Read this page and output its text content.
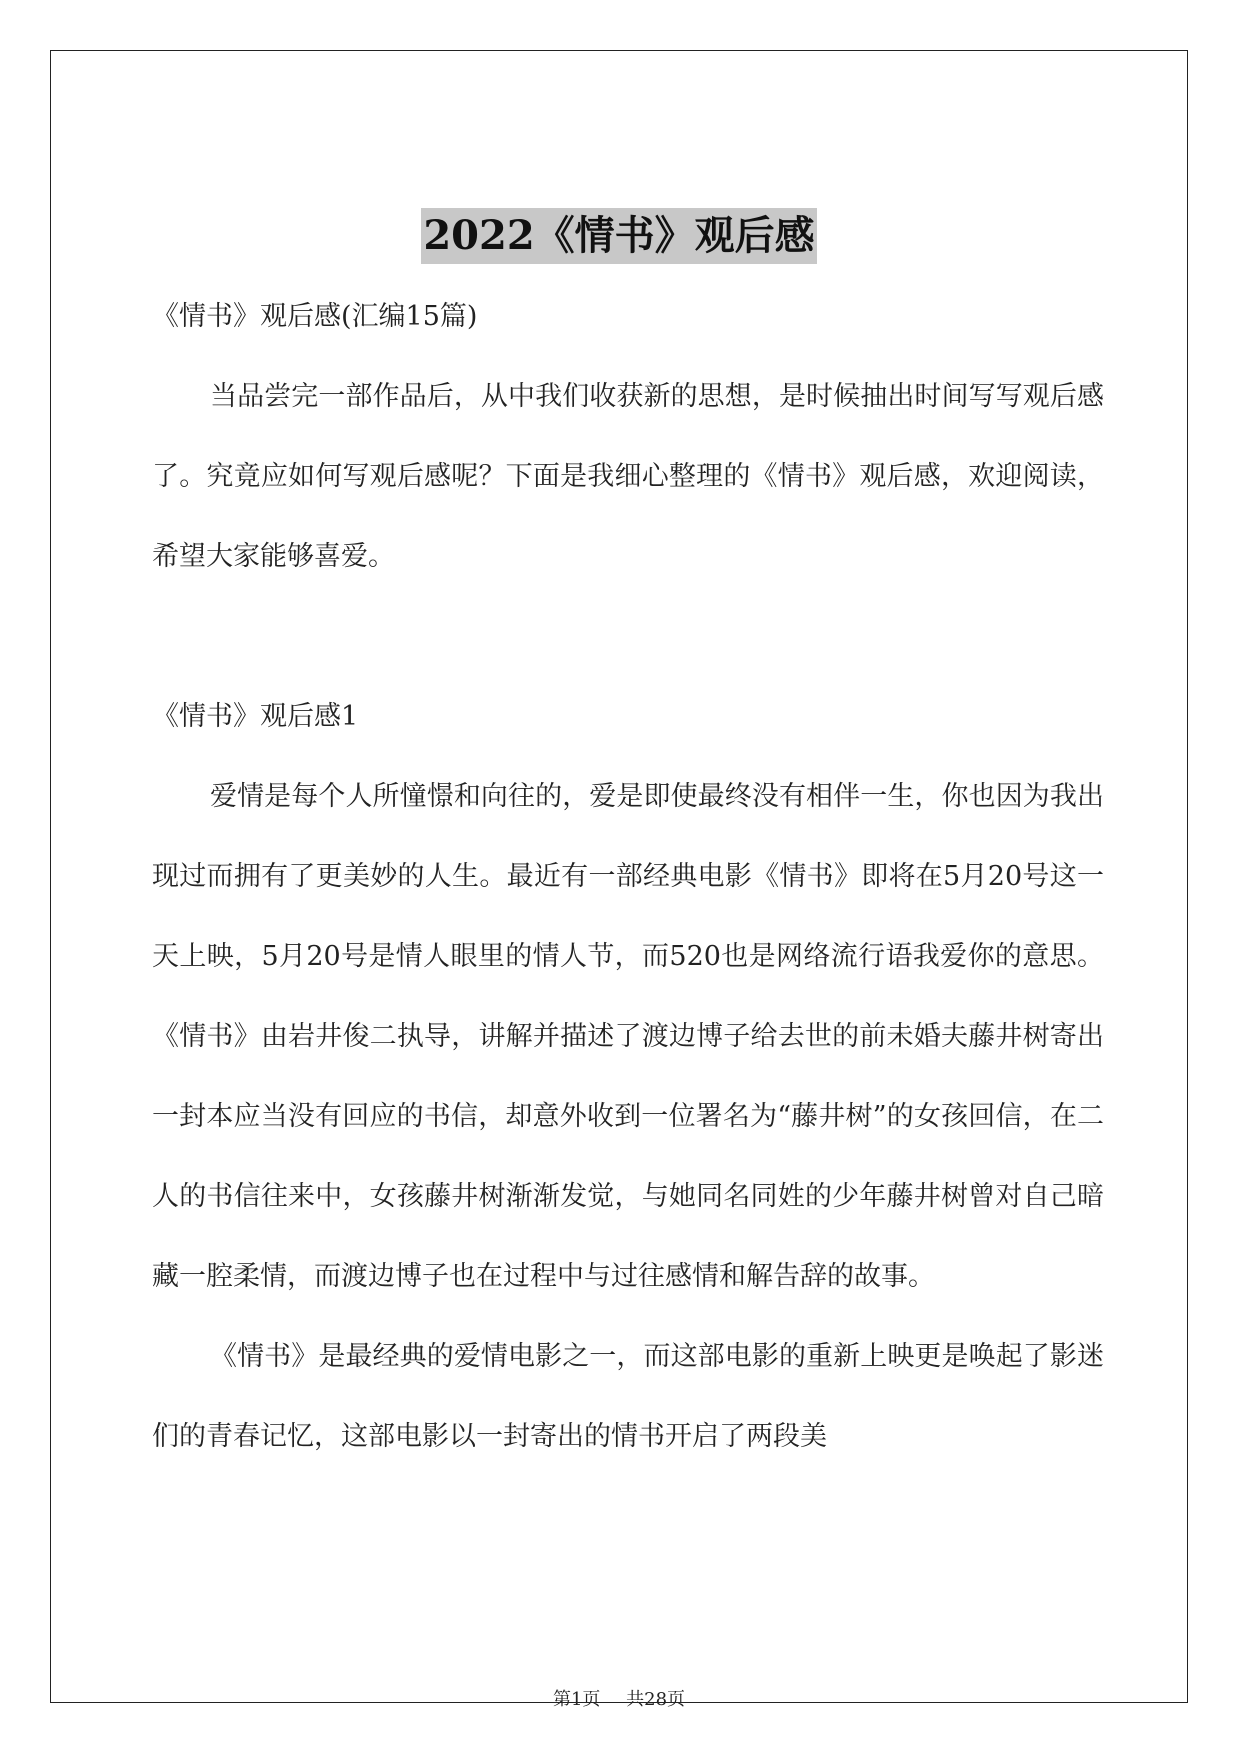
2022《情书》观后感

《情书》观后感(汇编15篇)

当品尝完一部作品后，从中我们收获新的思想，是时候抽出时间写写观后感了。究竟应如何写观后感呢？下面是我细心整理的《情书》观后感，欢迎阅读，希望大家能够喜爱。

《情书》观后感1

爱情是每个人所憧憬和向往的，爱是即使最终没有相伴一生，你也因为我出现过而拥有了更美妙的人生。最近有一部经典电影《情书》即将在5月20号这一天上映，5月20号是情人眼里的情人节，而520也是网络流行语我爱你的意思。《情书》由岩井俊二执导，讲解并描述了渡边博子给去世的前未婚夫藤井树寄出一封本应当没有回应的书信，却意外收到一位署名为“藤井树”的女孩回信，在二人的书信往来中，女孩藤井树渐渐发觉，与她同名同姓的少年藤井树曾对自己暗藏一腔柔情，而渡边博子也在过程中与过往感情和解告辞的故事。

《情书》是最经典的爱情电影之一，而这部电影的重新上映更是唤起了影迷们的青春记忆，这部电影以一封寄出的情书开启了两段美

第1页 共28页
